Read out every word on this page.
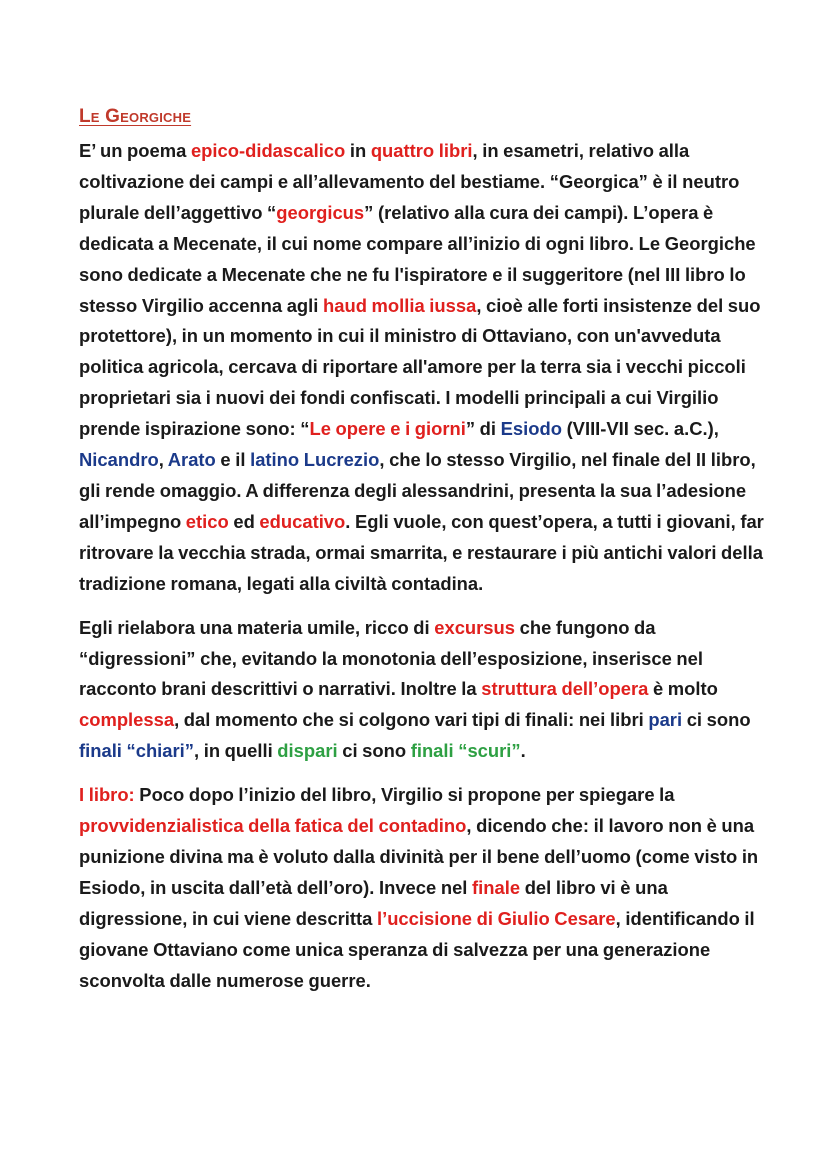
Le Georgiche

E’ un poema epico-didascalico in quattro libri, in esametri, relativo alla coltivazione dei campi e all’allevamento del bestiame. “Georgica” è il neutro plurale dell’aggettivo “georgicus” (relativo alla cura dei campi). L’opera è dedicata a Mecenate, il cui nome compare all’inizio di ogni libro. Le Georgiche sono dedicate a Mecenate che ne fu l'ispiratore e il suggeritore (nel III libro lo stesso Virgilio accenna agli haud mollia iussa, cioè alle forti insistenze del suo protettore), in un momento in cui il ministro di Ottaviano, con un'avveduta politica agricola, cercava di riportare all'amore per la terra sia i vecchi piccoli proprietari sia i nuovi dei fondi confiscati. I modelli principali a cui Virgilio prende ispirazione sono: “Le opere e i giorni” di Esiodo (VIII-VII sec. a.C.), Nicandro, Arato e il latino Lucrezio, che lo stesso Virgilio, nel finale del II libro, gli rende omaggio. A differenza degli alessandrini, presenta la sua l’adesione all’impegno etico ed educativo. Egli vuole, con quest’opera, a tutti i giovani, far ritrovare la vecchia strada, ormai smarrita, e restaurare i più antichi valori della tradizione romana, legati alla civiltà contadina.

Egli rielabora una materia umile, ricco di excursus che fungono da “digressioni” che, evitando la monotonia dell’esposizione, inserisce nel racconto brani descrittivi o narrativi. Inoltre la struttura dell’opera è molto complessa, dal momento che si colgono vari tipi di finali: nei libri pari ci sono finali “chiari”, in quelli dispari ci sono finali “scuri”.

I libro: Poco dopo l’inizio del libro, Virgilio si propone per spiegare la provvidenzialistica della fatica del contadino, dicendo che: il lavoro non è una punizione divina ma è voluto dalla divinità per il bene dell’uomo (come visto in Esiodo, in uscita dall’età dell’oro). Invece nel finale del libro vi è una digressione, in cui viene descritta l’uccisione di Giulio Cesare, identificando il giovane Ottaviano come unica speranza di salvezza per una generazione sconvolta dalle numerose guerre.
